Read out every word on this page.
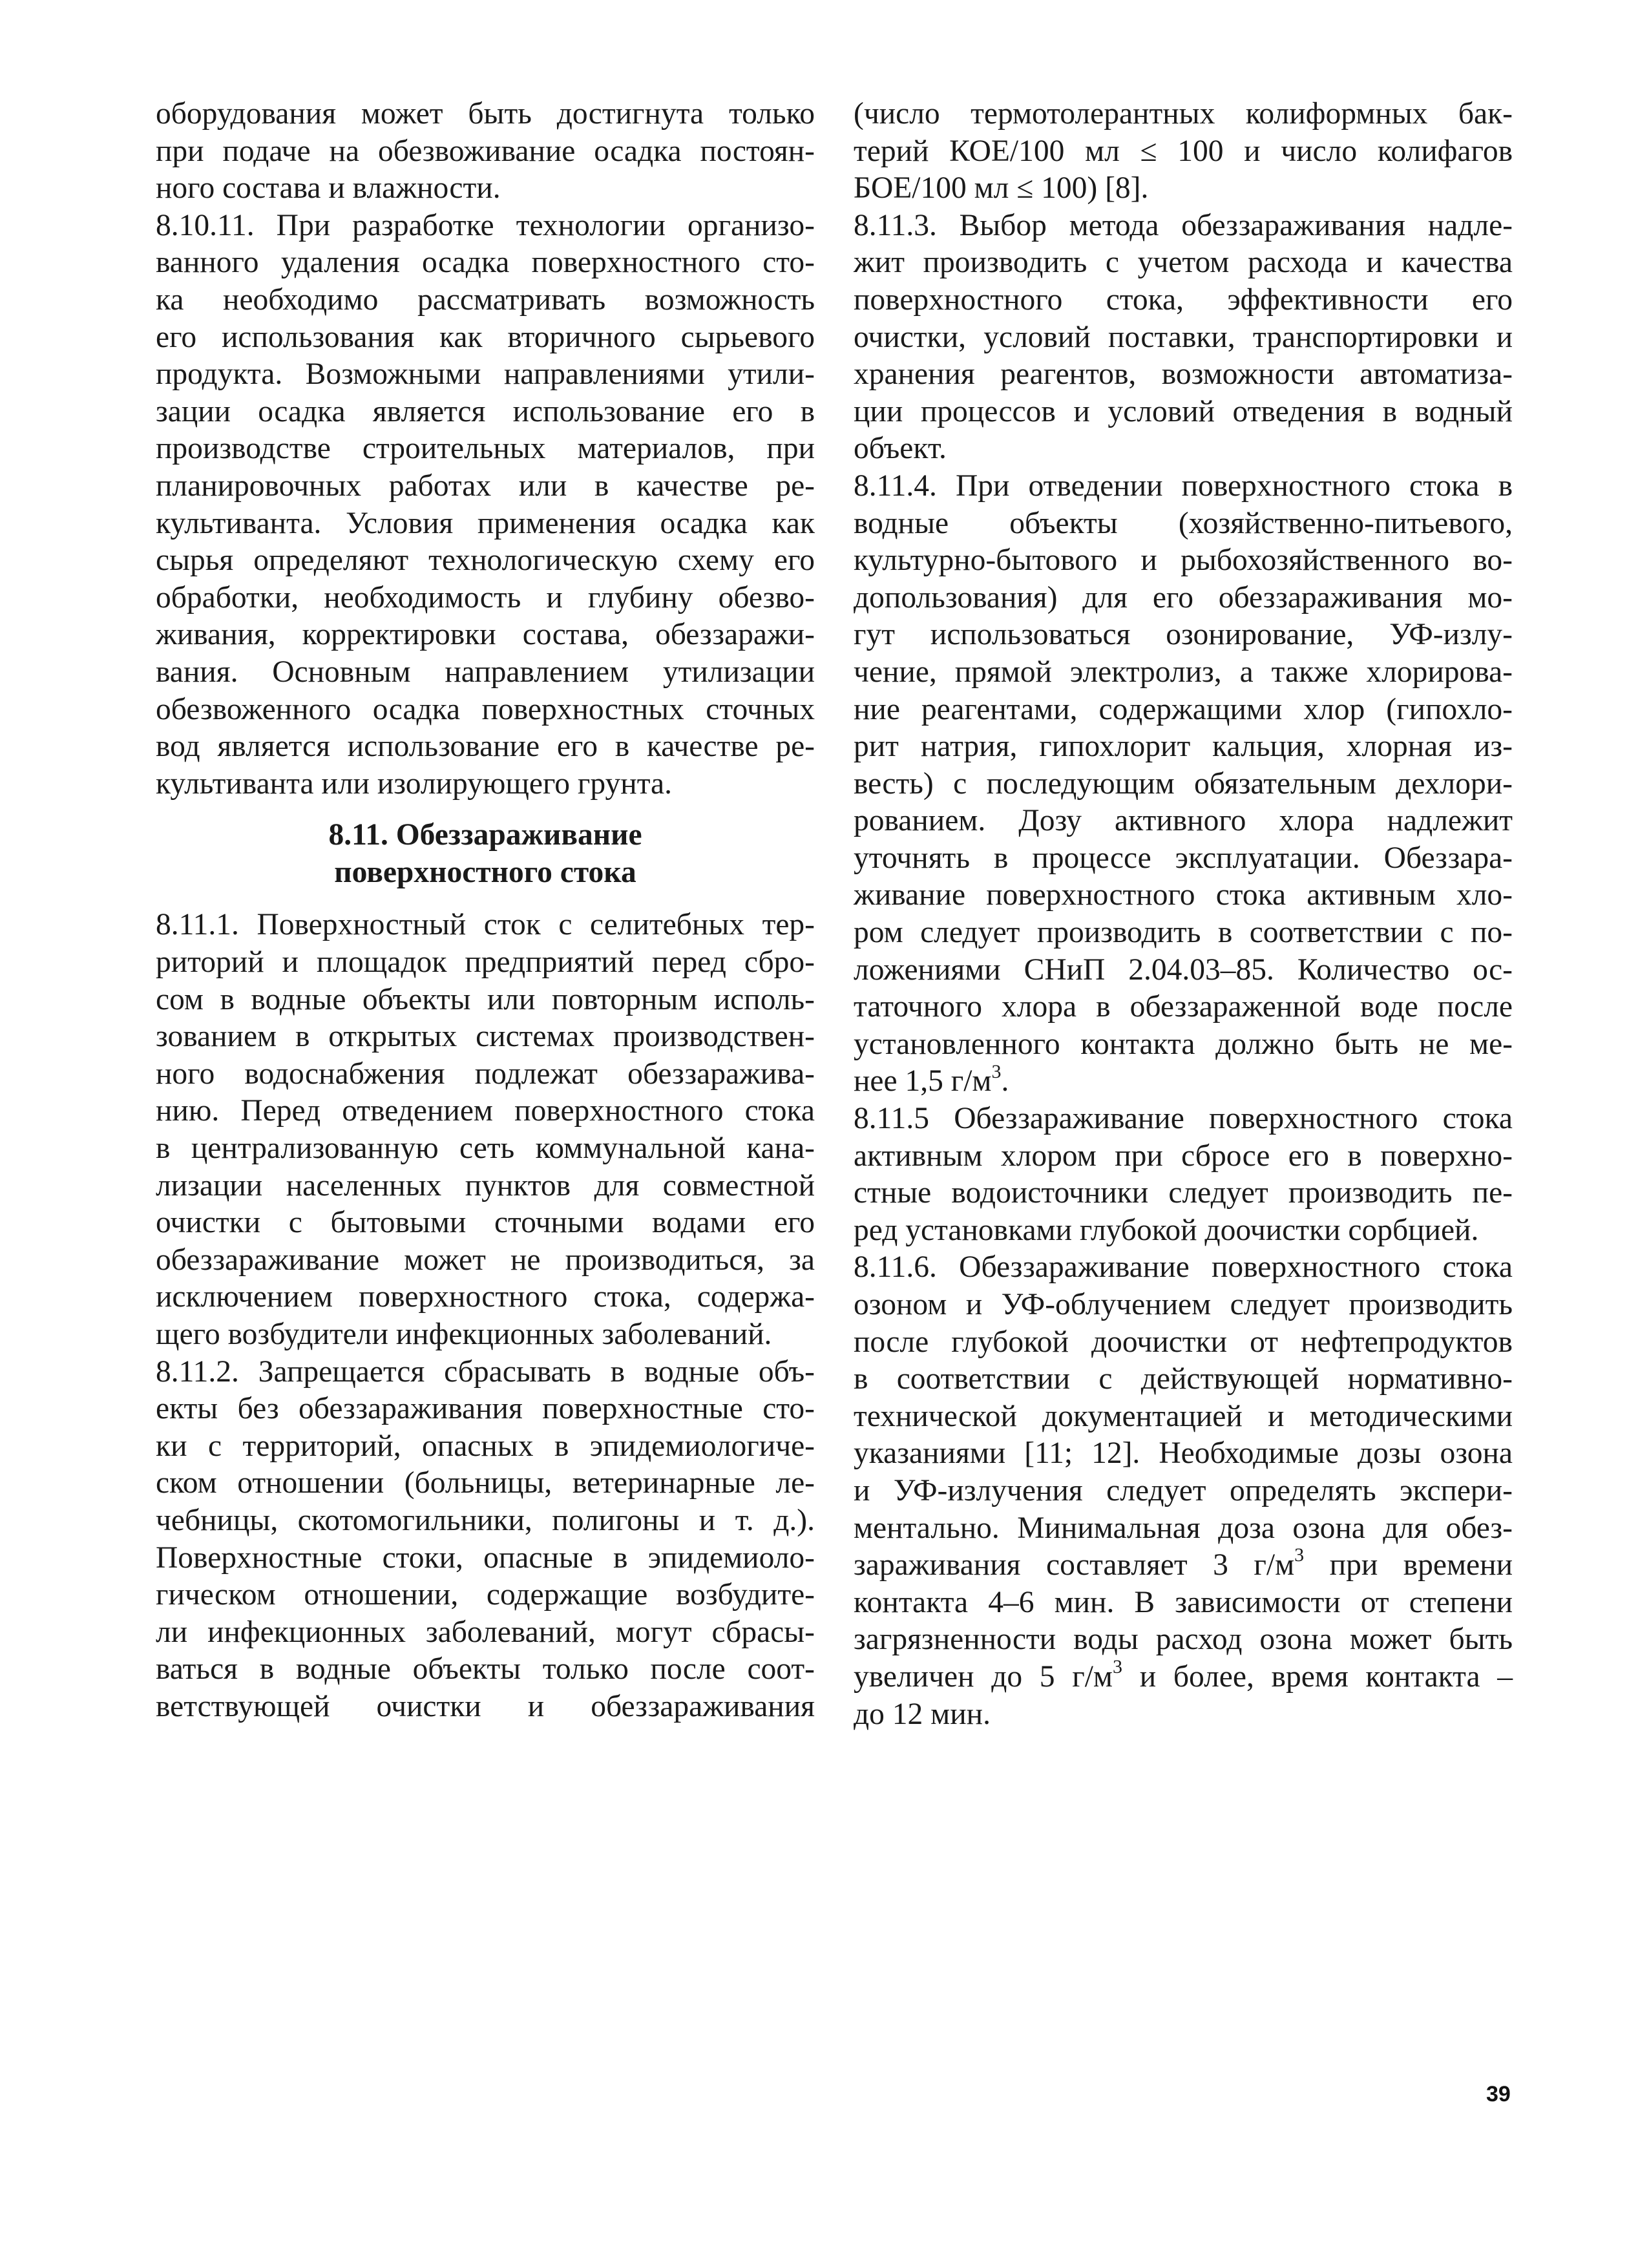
оборудования может быть достигнута только
при подаче на обезвоживание осадка постоян-
ного состава и влажности.
8.10.11. При разработке технологии организо-
ванного удаления осадка поверхностного сто-
ка необходимо рассматривать возможность
его использования как вторичного сырьевого
продукта. Возможными направлениями утили-
зации осадка является использование его в
производстве строительных материалов, при
планировочных работах или в качестве ре-
культиванта. Условия применения осадка как
сырья определяют технологическую схему его
обработки, необходимость и глубину обезво-
живания, корректировки состава, обеззаражи-
вания. Основным направлением утилизации
обезвоженного осадка поверхностных сточных
вод является использование его в качестве ре-
культиванта или изолирующего грунта.
8.11. Обеззараживание
поверхностного стока
8.11.1. Поверхностный сток с селитебных тер-
риторий и площадок предприятий перед сбро-
сом в водные объекты или повторным исполь-
зованием в открытых системах производствен-
ного водоснабжения подлежат обеззаражива-
нию. Перед отведением поверхностного стока
в централизованную сеть коммунальной кана-
лизации населенных пунктов для совместной
очистки с бытовыми сточными водами его
обеззараживание может не производиться, за
исключением поверхностного стока, содержа-
щего возбудители инфекционных заболеваний.
8.11.2. Запрещается сбрасывать в водные объ-
екты без обеззараживания поверхностные сто-
ки с территорий, опасных в эпидемиологиче-
ском отношении (больницы, ветеринарные ле-
чебницы, скотомогильники, полигоны и т. д.).
Поверхностные стоки, опасные в эпидемиоло-
гическом отношении, содержащие возбудите-
ли инфекционных заболеваний, могут сбрасы-
ваться в водные объекты только после соот-
ветствующей очистки и обеззараживания
(число термотолерантных колиформных бак-
терий КОЕ/100 мл ≤ 100 и число колифагов
БОЕ/100 мл ≤ 100) [8].
8.11.3. Выбор метода обеззараживания надле-
жит производить с учетом расхода и качества
поверхностного стока, эффективности его
очистки, условий поставки, транспортировки и
хранения реагентов, возможности автоматиза-
ции процессов и условий отведения в водный
объект.
8.11.4. При отведении поверхностного стока в
водные объекты (хозяйственно-питьевого,
культурно-бытового и рыбохозяйственного во-
допользования) для его обеззараживания мо-
гут использоваться озонирование, УФ-излу-
чение, прямой электролиз, а также хлорирова-
ние реагентами, содержащими хлор (гипохло-
рит натрия, гипохлорит кальция, хлорная из-
весть) с последующим обязательным дехлори-
рованием. Дозу активного хлора надлежит
уточнять в процессе эксплуатации. Обеззара-
живание поверхностного стока активным хло-
ром следует производить в соответствии с по-
ложениями СНиП 2.04.03–85. Количество ос-
таточного хлора в обеззараженной воде после
установленного контакта должно быть не ме-
нее 1,5 $г/м^3$.
8.11.5 Обеззараживание поверхностного стока
активным хлором при сбросе его в поверхно-
стные водоисточники следует производить пе-
ред установками глубокой доочистки сорбцией.
8.11.6. Обеззараживание поверхностного стока
озоном и УФ-облучением следует производить
после глубокой доочистки от нефтепродуктов
в соответствии с действующей нормативно-
технической документацией и методическими
указаниями [11; 12]. Необходимые дозы озона
и УФ-излучения следует определять экспери-
ментально. Минимальная доза озона для обез-
зараживания составляет 3 $г/м^3$ при времени
контакта 4–6 мин. В зависимости от степени
загрязненности воды расход озона может быть
увеличен до 5 $г/м^3$ и более, время контакта –
до 12 мин.
39
